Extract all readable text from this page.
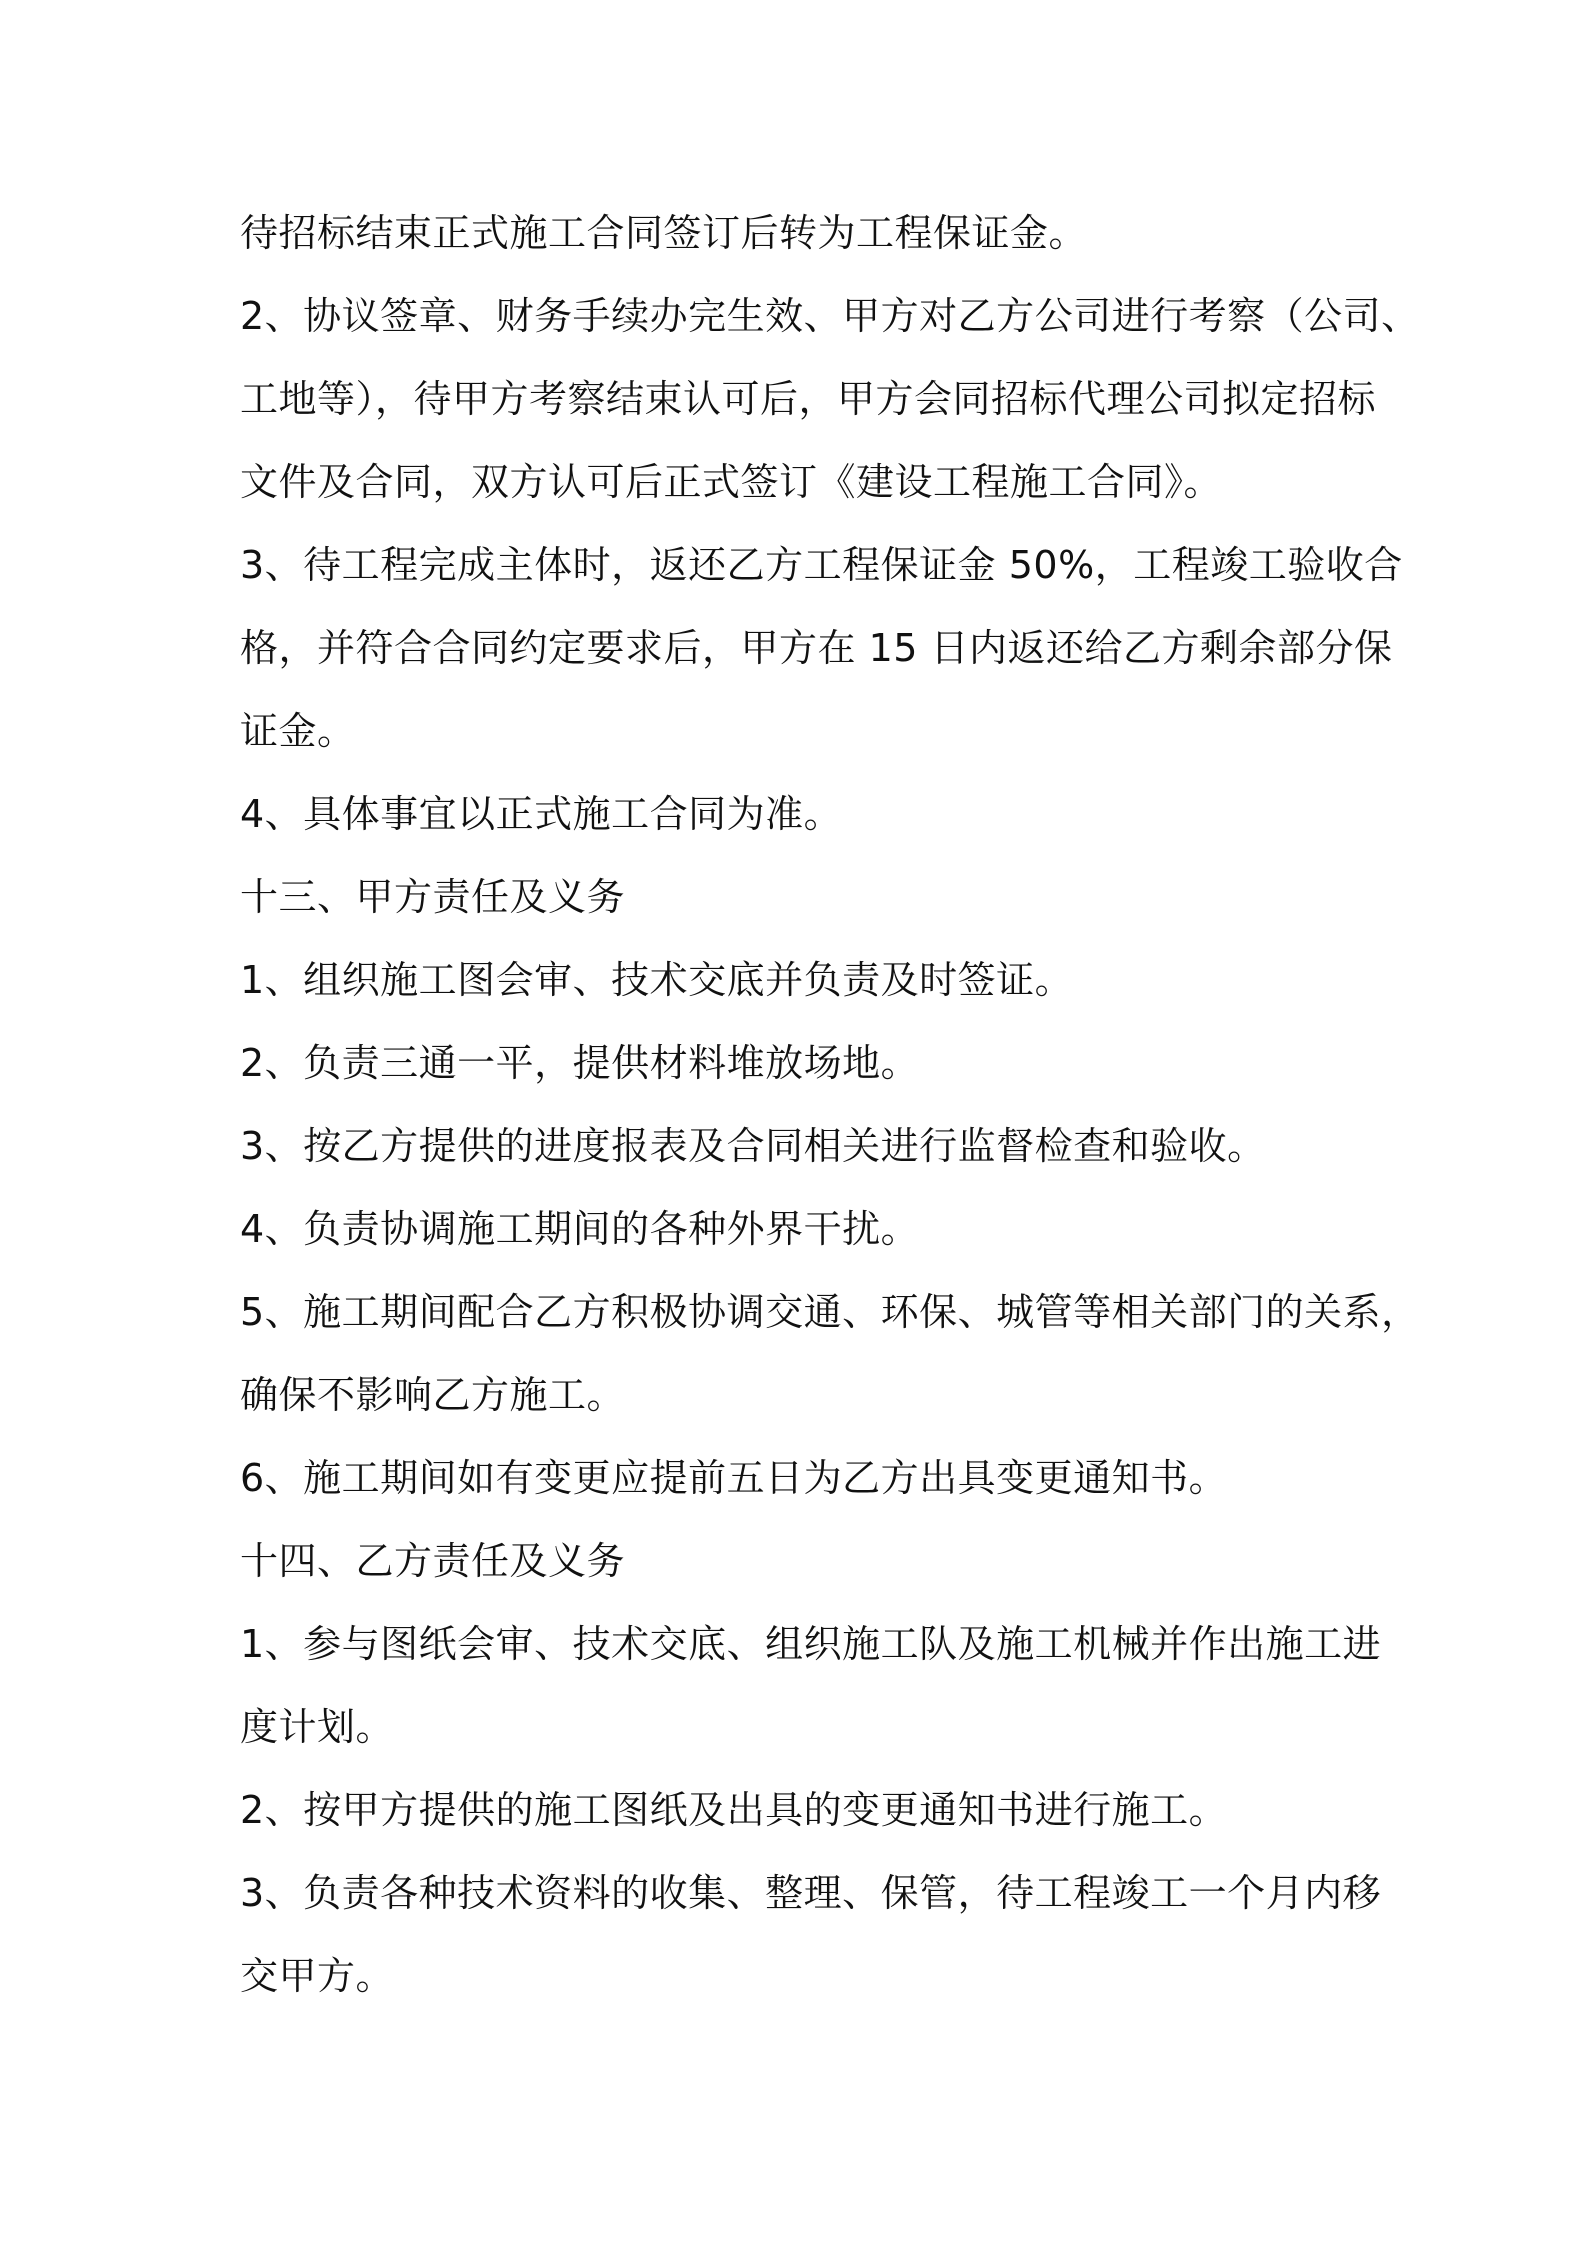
待招标结束正式施工合同签订后转为工程保证金。
2、协议签章、财务手续办完生效、甲方对乙方公司进行考察（公司、
工地等），待甲方考察结束认可后，甲方会同招标代理公司拟定招标
文件及合同，双方认可后正式签订《建设工程施工合同》。
3、待工程完成主体时，返还乙方工程保证金 50%，工程竣工验收合
格，并符合合同约定要求后，甲方在 15 日内返还给乙方剩余部分保
证金。
4、具体事宜以正式施工合同为准。
十三、甲方责任及义务
1、组织施工图会审、技术交底并负责及时签证。
2、负责三通一平，提供材料堆放场地。
3、按乙方提供的进度报表及合同相关进行监督检查和验收。
4、负责协调施工期间的各种外界干扰。
5、施工期间配合乙方积极协调交通、环保、城管等相关部门的关系，
确保不影响乙方施工。
6、施工期间如有变更应提前五日为乙方出具变更通知书。
十四、乙方责任及义务
1、参与图纸会审、技术交底、组织施工队及施工机械并作出施工进
度计划。
2、按甲方提供的施工图纸及出具的变更通知书进行施工。
3、负责各种技术资料的收集、整理、保管，待工程竣工一个月内移
交甲方。
